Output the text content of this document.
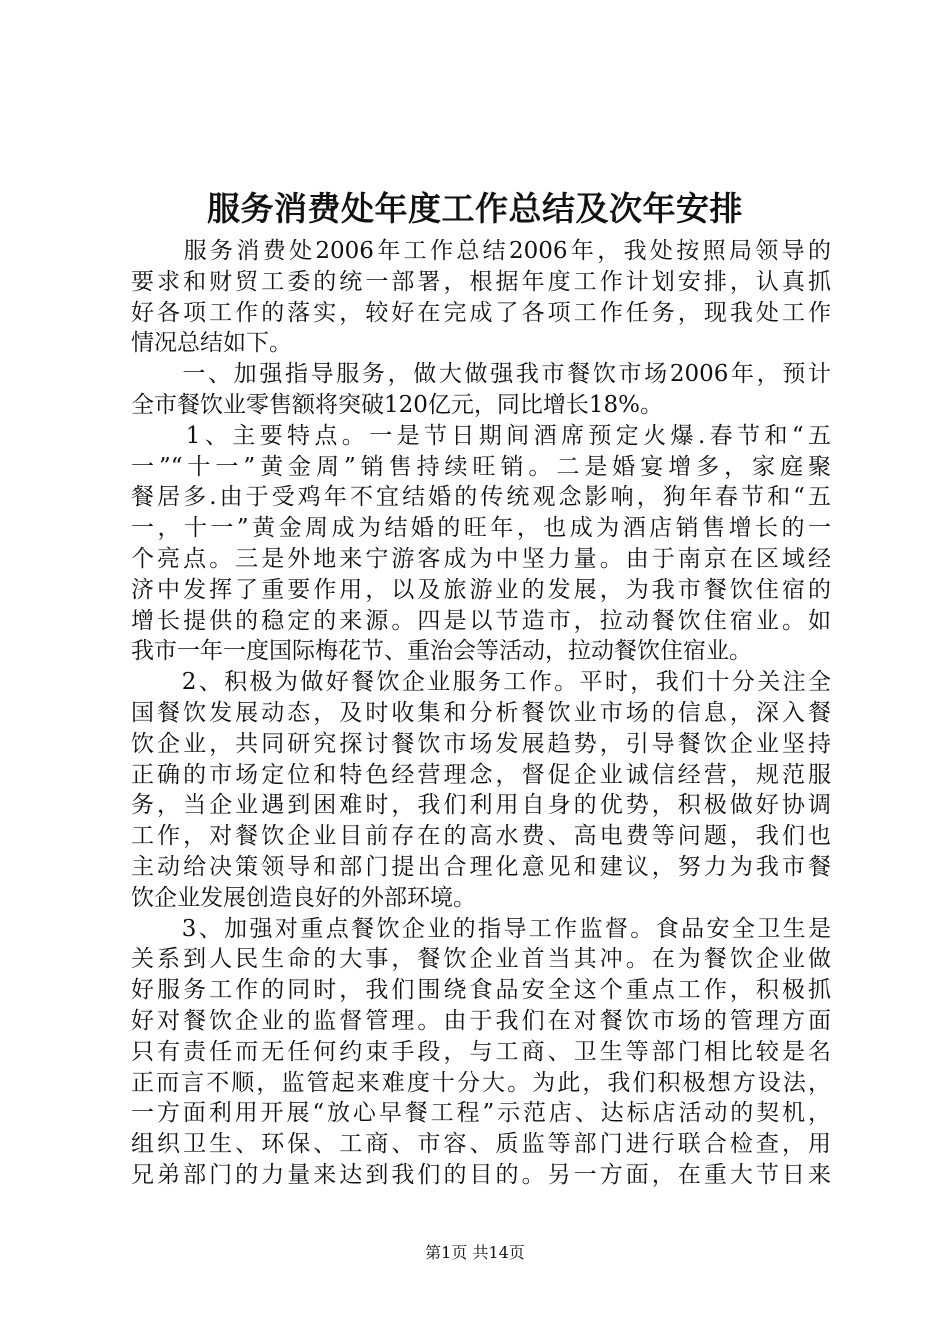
服务消费处年度工作总结及次年安排
　　服务消费处2006年工作总结2006年，我处按照局领导的
要求和财贸工委的统一部署，根据年度工作计划安排，认真抓
好各项工作的落实，较好在完成了各项工作任务，现我处工作
情况总结如下。
　　一、加强指导服务，做大做强我市餐饮市场2006年，预计
全市餐饮业零售额将突破120亿元，同比增长18%。
　　1、主要特点。一是节日期间酒席预定火爆.春节和“五
一”“十一”黄金周”销售持续旺销。二是婚宴增多，家庭聚
餐居多.由于受鸡年不宜结婚的传统观念影响，狗年春节和“五
一，十一”黄金周成为结婚的旺年，也成为酒店销售增长的一
个亮点。三是外地来宁游客成为中坚力量。由于南京在区域经
济中发挥了重要作用，以及旅游业的发展，为我市餐饮住宿的
增长提供的稳定的来源。四是以节造市，拉动餐饮住宿业。如
我市一年一度国际梅花节、重治会等活动，拉动餐饮住宿业。
　　2、积极为做好餐饮企业服务工作。平时，我们十分关注全
国餐饮发展动态，及时收集和分析餐饮业市场的信息，深入餐
饮企业，共同研究探讨餐饮市场发展趋势，引导餐饮企业坚持
正确的市场定位和特色经营理念，督促企业诚信经营，规范服
务，当企业遇到困难时，我们利用自身的优势，积极做好协调
工作，对餐饮企业目前存在的高水费、高电费等问题，我们也
主动给决策领导和部门提出合理化意见和建议，努力为我市餐
饮企业发展创造良好的外部环境。
　　3、加强对重点餐饮企业的指导工作监督。食品安全卫生是
关系到人民生命的大事，餐饮企业首当其冲。在为餐饮企业做
好服务工作的同时，我们围绕食品安全这个重点工作，积极抓
好对餐饮企业的监督管理。由于我们在对餐饮市场的管理方面
只有责任而无任何约束手段，与工商、卫生等部门相比较是名
正而言不顺，监管起来难度十分大。为此，我们积极想方设法，
一方面利用开展“放心早餐工程”示范店、达标店活动的契机，
组织卫生、环保、工商、市容、质监等部门进行联合检查，用
兄弟部门的力量来达到我们的目的。另一方面，在重大节日来
第1页 共14页
